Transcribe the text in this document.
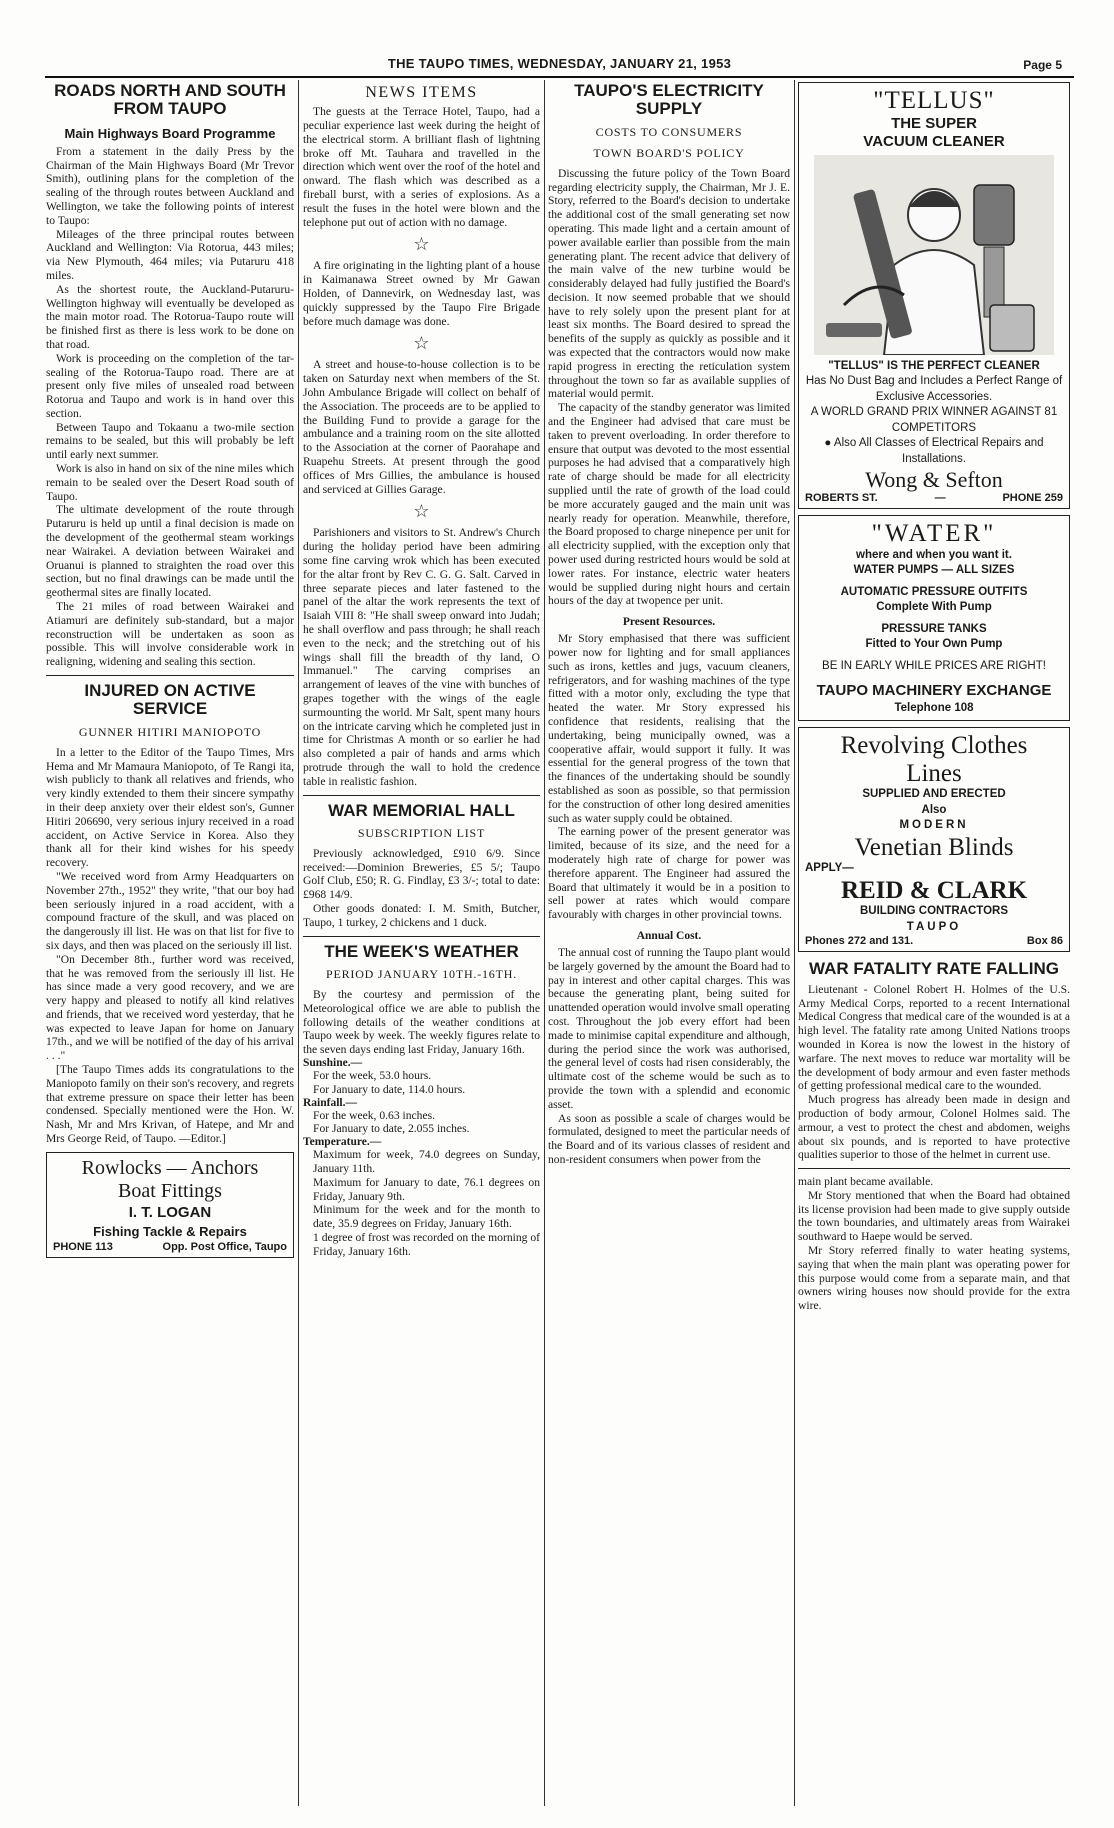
THE TAUPO TIMES, WEDNESDAY, JANUARY 21, 1953	Page 5
ROADS NORTH AND SOUTH FROM TAUPO
Main Highways Board Programme

From a statement in the daily Press by the Chairman of the Main Highways Board (Mr Trevor Smith), outlining plans for the completion of the sealing of the through routes between Auckland and Wellington, we take the following points of interest to Taupo:

Mileages of the three principal routes between Auckland and Wellington: Via Rotorua, 443 miles; via New Plymouth, 464 miles; via Putaruru 418 miles.

As the shortest route, the Auckland-Putaruru-Wellington highway will eventually be developed as the main motor road. The Rotorua-Taupo route will be finished first as there is less work to be done on that road.

Work is proceeding on the completion of the tar-sealing of the Rotorua-Taupo road. There are at present only five miles of unsealed road between Rotorua and Taupo and work is in hand over this section.

Between Taupo and Tokaanu a two-mile section remains to be sealed, but this will probably be left until early next summer.

Work is also in hand on six of the nine miles which remain to be sealed over the Desert Road south of Taupo.

The ultimate development of the route through Putaruru is held up until a final decision is made on the development of the geothermal steam workings near Wairakei. A deviation between Wairakei and Oruanui is planned to straighten the road over this section, but no final drawings can be made until the geothermal sites are finally located.

The 21 miles of road between Wairakei and Atiamuri are definitely sub-standard, but a major reconstruction will be undertaken as soon as possible. This will involve considerable work in realigning, widening and sealing this section.

INJURED ON ACTIVE SERVICE
GUNNER HITIRI MANIOPOTO

In a letter to the Editor of the Taupo Times, Mrs Hema and Mr Mamaura Maniopoto, of Te Rangi ita, wish publicly to thank all relatives and friends, who very kindly extended to them their sincere sympathy in their deep anxiety over their eldest son's, Gunner Hitiri 206690, very serious injury received in a road accident, on Active Service in Korea. Also they thank all for their kind wishes for his speedy recovery.

"We received word from Army Headquarters on November 27th., 1952" they write, "that our boy had been seriously injured in a road accident, with a compound fracture of the skull, and was placed on the dangerously ill list. He was on that list for five to six days, and then was placed on the seriously ill list.

"On December 8th., further word was received, that he was removed from the seriously ill list. He has since made a very good recovery, and we are very happy and pleased to notify all kind relatives and friends, that we received word yesterday, that he was expected to leave Japan for home on January 17th., and we will be notified of the day of his arrival . . ."

[The Taupo Times adds its congratulations to the Maniopoto family on their son's recovery, and regrets that extreme pressure on space their letter has been condensed. Specially mentioned were the Hon. W. Nash, Mr and Mrs Krivan, of Hatepe, and Mr and Mrs George Reid, of Taupo. —Editor.]

Rowlocks — Anchors
Boat Fittings
I. T. LOGAN
Fishing Tackle & Repairs
PHONE 113	Opp. Post Office, Taupo
NEWS ITEMS

The guests at the Terrace Hotel, Taupo, had a peculiar experience last week during the height of the electrical storm. A brilliant flash of lightning broke off Mt. Tauhara and travelled in the direction which went over the roof of the hotel and onward. The flash which was described as a fireball burst, with a series of explosions. As a result the fuses in the hotel were blown and the telephone put out of action with no damage.

☆

A fire originating in the lighting plant of a house in Kaimanawa Street owned by Mr Gawan Holden, of Dannevirk, on Wednesday last, was quickly suppressed by the Taupo Fire Brigade before much damage was done.

☆

A street and house-to-house collection is to be taken on Saturday next when members of the St. John Ambulance Brigade will collect on behalf of the Association. The proceeds are to be applied to the Building Fund to provide a garage for the ambulance and a training room on the site allotted to the Association at the corner of Paorahape and Ruapehu Streets. At present through the good offices of Mrs Gillies, the ambulance is housed and serviced at Gillies Garage.

☆

Parishioners and visitors to St. Andrew's Church during the holiday period have been admiring some fine carving wrok which has been executed for the altar front by Rev C. G. G. Salt. Carved in three separate pieces and later fastened to the panel of the altar the work represents the text of Isaiah VIII 8: "He shall sweep onward into Judah; he shall overflow and pass through; he shall reach even to the neck; and the stretching out of his wings shall fill the breadth of thy land, O Immanuel." The carving comprises an arrangement of leaves of the vine with bunches of grapes together with the wings of the eagle surmounting the world. Mr Salt, spent many hours on the intricate carving which he completed just in time for Christmas A month or so earlier he had also completed a pair of hands and arms which protrude through the wall to hold the credence table in realistic fashion.

WAR MEMORIAL HALL
SUBSCRIPTION LIST

Previously acknowledged, £910 6/9. Since received:—Dominion Breweries, £5 5/; Taupo Golf Club, £50; R. G. Findlay, £3 3/-; total to date: £968 14/9.

Other goods donated: I. M. Smith, Butcher, Taupo, 1 turkey, 2 chickens and 1 duck.

THE WEEK'S WEATHER
PERIOD JANUARY 10TH.-16TH.

By the courtesy and permission of the Meteorological office we are able to publish the following details of the weather conditions at Taupo week by week. The weekly figures relate to the seven days ending last Friday, January 16th.

Sunshine.—

For the week, 53.0 hours.

For January to date, 114.0 hours.

Rainfall.—

For the week, 0.63 inches.

For January to date, 2.055 inches.

Temperature.—

Maximum for week, 74.0 degrees on Sunday, January 11th.

Maximum for January to date, 76.1 degrees on Friday, January 9th.

Minimum for the week and for the month to date, 35.9 degrees on Friday, January 16th.

1 degree of frost was recorded on the morning of Friday, January 16th.

TAUPO'S ELECTRICITY SUPPLY
COSTS TO CONSUMERS
TOWN BOARD'S POLICY

Discussing the future policy of the Town Board regarding electricity supply, the Chairman, Mr J. E. Story, referred to the Board's decision to undertake the additional cost of the small generating set now operating. This made light and a certain amount of power available earlier than possible from the main generating plant. The recent advice that delivery of the main valve of the new turbine would be considerably delayed had fully justified the Board's decision. It now seemed probable that we should have to rely solely upon the present plant for at least six months. The Board desired to spread the benefits of the supply as quickly as possible and it was expected that the contractors would now make rapid progress in erecting the reticulation system throughout the town so far as available supplies of material would permit.

The capacity of the standby generator was limited and the Engineer had advised that care must be taken to prevent overloading. In order therefore to ensure that output was devoted to the most essential purposes he had advised that a comparatively high rate of charge should be made for all electricity supplied until the rate of growth of the load could be more accurately gauged and the main unit was nearly ready for operation. Meanwhile, therefore, the Board proposed to charge ninepence per unit for all electricity supplied, with the exception only that power used during restricted hours would be sold at lower rates. For instance, electric water heaters would be supplied during night hours and certain hours of the day at twopence per unit.

Present Resources.

Mr Story emphasised that there was sufficient power now for lighting and for small appliances such as irons, kettles and jugs, vacuum cleaners, refrigerators, and for washing machines of the type fitted with a motor only, excluding the type that heated the water. Mr Story expressed his confidence that residents, realising that the undertaking, being municipally owned, was a cooperative affair, would support it fully. It was essential for the general progress of the town that the finances of the undertaking should be soundly established as soon as possible, so that permission for the construction of other long desired amenities such as water supply could be obtained.

The earning power of the present generator was limited, because of its size, and the need for a moderately high rate of charge for power was therefore apparent. The Engineer had assured the Board that ultimately it would be in a position to sell power at rates which would compare favourably with charges in other provincial towns.

Annual Cost.

The annual cost of running the Taupo plant would be largely governed by the amount the Board had to pay in interest and other capital charges. This was because the generating plant, being suited for unattended operation would involve small operating cost. Throughout the job every effort had been made to minimise capital expenditure and although, during the period since the work was authorised, the general level of costs had risen considerably, the ultimate cost of the scheme would be such as to provide the town with a splendid and economic asset.

As soon as possible a scale of charges would be formulated, designed to meet the particular needs of the Board and of its various classes of resident and non-resident consumers when power from the

"TELLUS"
THE SUPER
VACUUM CLEANER
"TELLUS" IS THE PERFECT CLEANER
Has No Dust Bag and Includes a Perfect Range of Exclusive Accessories.
A WORLD GRAND PRIX WINNER AGAINST 81 COMPETITORS
● Also All Classes of Electrical Repairs and Installations.
Wong & Sefton
ROBERTS ST.	—	PHONE 259
"WATER"
where and when you want it.
WATER PUMPS — ALL SIZES
AUTOMATIC PRESSURE OUTFITS
Complete With Pump
PRESSURE TANKS
Fitted to Your Own Pump
BE IN EARLY WHILE PRICES ARE RIGHT!
TAUPO MACHINERY EXCHANGE
Telephone 108
Revolving Clothes
Lines
SUPPLIED AND ERECTED
Also
MODERN
Venetian Blinds
APPLY—
REID & CLARK
BUILDING CONTRACTORS
TAUPO
Phones 272 and 131.	Box 86
WAR FATALITY RATE FALLING

Lieutenant - Colonel Robert H. Holmes of the U.S. Army Medical Corps, reported to a recent International Medical Congress that medical care of the wounded is at a high level. The fatality rate among United Nations troops wounded in Korea is now the lowest in the history of warfare. The next moves to reduce war mortality will be the development of body armour and even faster methods of getting professional medical care to the wounded.

Much progress has already been made in design and production of body armour, Colonel Holmes said. The armour, a vest to protect the chest and abdomen, weighs about six pounds, and is reported to have protective qualities superior to those of the helmet in current use.

main plant became available.

Mr Story mentioned that when the Board had obtained its license provision had been made to give supply outside the town boundaries, and ultimately areas from Wairakei southward to Haepe would be served.

Mr Story referred finally to water heating systems, saying that when the main plant was operating power for this purpose would come from a separate main, and that owners wiring houses now should provide for the extra wire.
